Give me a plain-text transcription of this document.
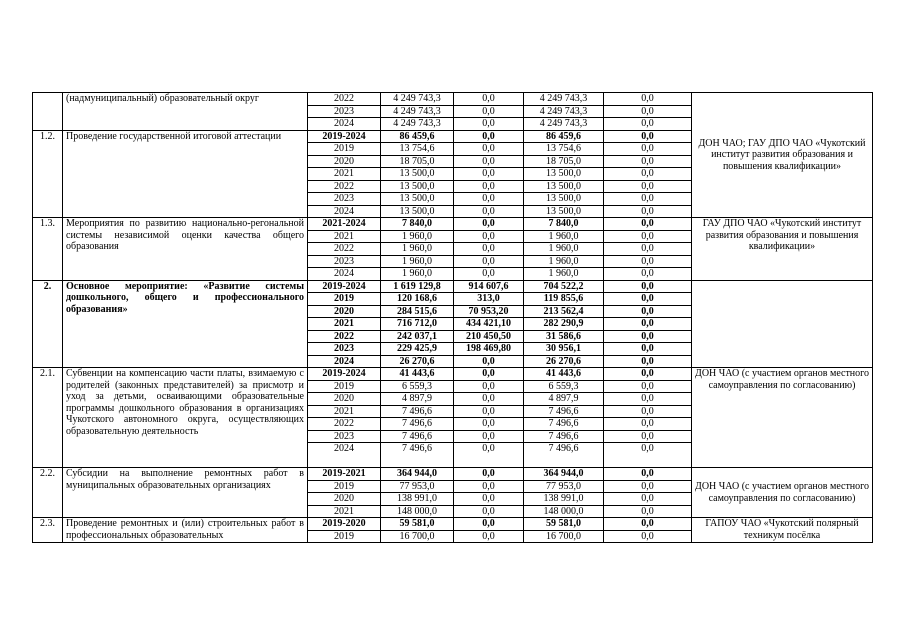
	(надмуниципальный) образовательный округ	2022	4 249 743,3	0,0	4 249 743,3	0,0	ДОН ЧАО; ГАУ ДПО ЧАО «Чукотский институт развития образования и повышения квалификации»
		2023	4 249 743,3	0,0	4 249 743,3	0,0	
		2024	4 249 743,3	0,0	4 249 743,3	0,0	
1.2.	Проведение государственной итоговой аттестации	2019-2024	86 459,6	0,0	86 459,6	0,0	
		2019	13 754,6	0,0	13 754,6	0,0	
		2020	18 705,0	0,0	18 705,0	0,0	
		2021	13 500,0	0,0	13 500,0	0,0	
		2022	13 500,0	0,0	13 500,0	0,0	
		2023	13 500,0	0,0	13 500,0	0,0	
		2024	13 500,0	0,0	13 500,0	0,0	
1.3.	Мероприятия по развитию национально-регональной системы независимой оценки качества общего образования	2021-2024	7 840,0	0,0	7 840,0	0,0	ГАУ ДПО ЧАО «Чукотский институт развития образования и повышения квалификации»
		2021	1 960,0	0,0	1 960,0	0,0	
		2022	1 960,0	0,0	1 960,0	0,0	
		2023	1 960,0	0,0	1 960,0	0,0	
		2024	1 960,0	0,0	1 960,0	0,0	
2.	Основное мероприятие: «Развитие системы дошкольного, общего и профессионального образования»	2019-2024	1 619 129,8	914 607,6	704 522,2	0,0	
		2019	120 168,6	313,0	119 855,6	0,0	
		2020	284 515,6	70 953,20	213 562,4	0,0	
		2021	716 712,0	434 421,10	282 290,9	0,0	
		2022	242 037,1	210 450,50	31 586,6	0,0	
		2023	229 425,9	198 469,80	30 956,1	0,0	
		2024	26 270,6	0,0	26 270,6	0,0	
2.1.	Субвенции на компенсацию части платы, взимаемую с родителей (законных представителей) за присмотр и уход за детьми, осваивающими образовательные программы дошкольного образования в организациях Чукотского автономного округа, осуществляющих образовательную деятельность	2019-2024	41 443,6	0,0	41 443,6	0,0	ДОН ЧАО (с участием органов местного самоуправления по согласованию)
		2019	6 559,3	0,0	6 559,3	0,0	
		2020	4 897,9	0,0	4 897,9	0,0	
		2021	7 496,6	0,0	7 496,6	0,0	
		2022	7 496,6	0,0	7 496,6	0,0	
		2023	7 496,6	0,0	7 496,6	0,0	
		2024	7 496,6	0,0	7 496,6	0,0	
2.2.	Субсидии на выполнение ремонтных работ в муниципальных образовательных организациях	2019-2021	364 944,0	0,0	364 944,0	0,0	ДОН ЧАО (с участием органов местного самоуправления по согласованию)
		2019	77 953,0	0,0	77 953,0	0,0	
		2020	138 991,0	0,0	138 991,0	0,0	
		2021	148 000,0	0,0	148 000,0	0,0	
2.3.	Проведение ремонтных и (или) строительных работ в профессиональных образовательных	2019-2020	59 581,0	0,0	59 581,0	0,0	ГАПОУ ЧАО «Чукотский полярный техникум посёлка
		2019	16 700,0	0,0	16 700,0	0,0	
